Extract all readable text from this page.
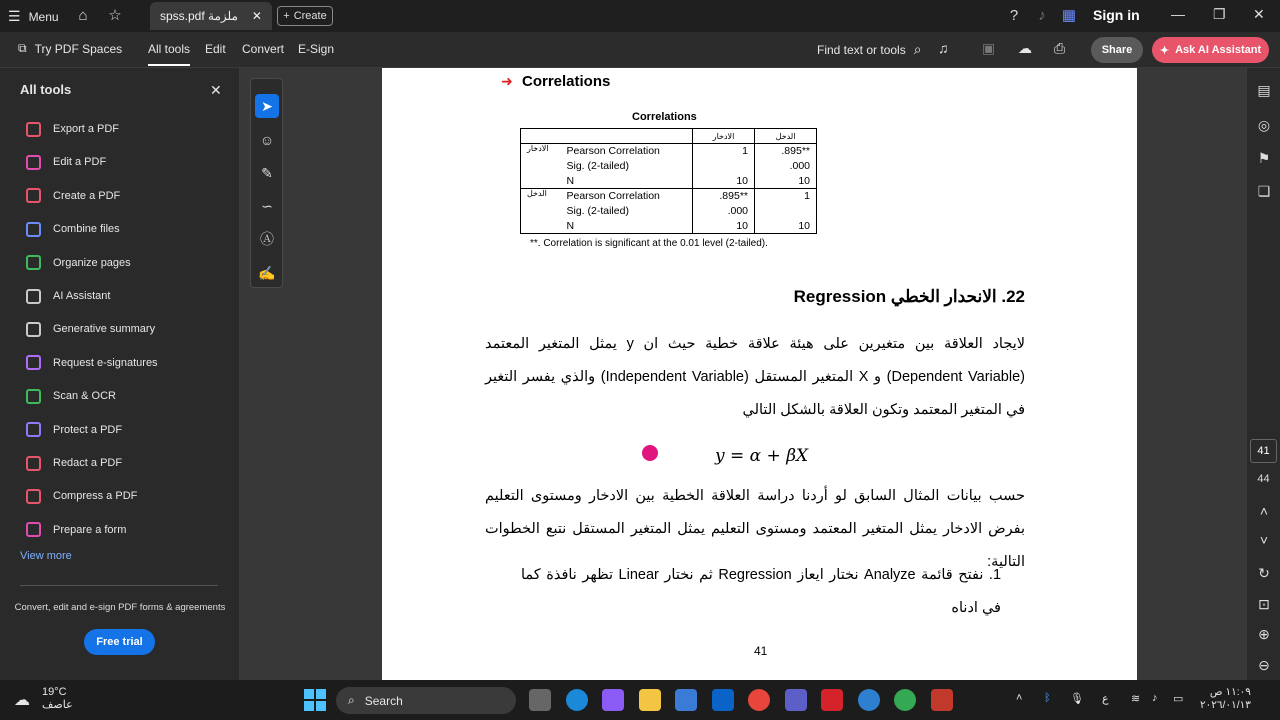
☰ Menu ⌂ ☆	spss.pdf ملزمة ✕ + Create	?	♪	▦ Sign in — ❐ ✕
⧉ Try PDF Spaces All tools Edit Convert E-Sign	Find text or tools ⌕ ♫ ▣ ☁ ⎙	Share	✦ Ask AI Assistant
All tools	✕
Export a PDF
Edit a PDF
Create a PDF
Combine files
Organize pages
AI Assistant
Generative summary
Request e-signatures
Scan & OCR
Protect a PDF
Redact a PDF
Compress a PDF
Prepare a form
View more
Convert, edit and e-sign PDF forms & agreements
Free trial
➤
☺
✎
∽
Ⓐ
✍
➜ Correlations
Correlations
		الادخار	الدخل
الادخار	Pearson Correlation	1	.895**
	Sig. (2-tailed)		.000
	N	10	10
الدخل	Pearson Correlation	.895**	1
	Sig. (2-tailed)	.000	
	N	10	10
**. Correlation is significant at the 0.01 level (2-tailed).
22. الانحدار الخطي Regression
لايجاد العلاقة بين متغيرين على هيئة علاقة خطية حيث ان y يمثل المتغير المعتمد (Dependent Variable) و X المتغير المستقل (Independent Variable) والذي يفسر التغير في المتغير المعتمد وتكون العلاقة بالشكل التالي
y = α + βX
حسب بيانات المثال السابق لو أردنا دراسة العلاقة الخطية بين الادخار ومستوى التعليم بفرض الادخار يمثل المتغير المعتمد ومستوى التعليم يمثل المتغير المستقل نتبع الخطوات التالية:
1. نفتح قائمة Analyze نختار ايعاز Regression ثم نختار Linear تظهر نافذة كما في ادناه
41
▤
◎
⚑
❏
41
44
˄
˅
↻
⊡
⊕
⊖
☁ 19°C
عاصف	⌕ Search	˄ ᛒ 🎙 ع ≋ ♪ ▭
١١:٠٩ ص
٢٠٢٦/٠١/١٣
